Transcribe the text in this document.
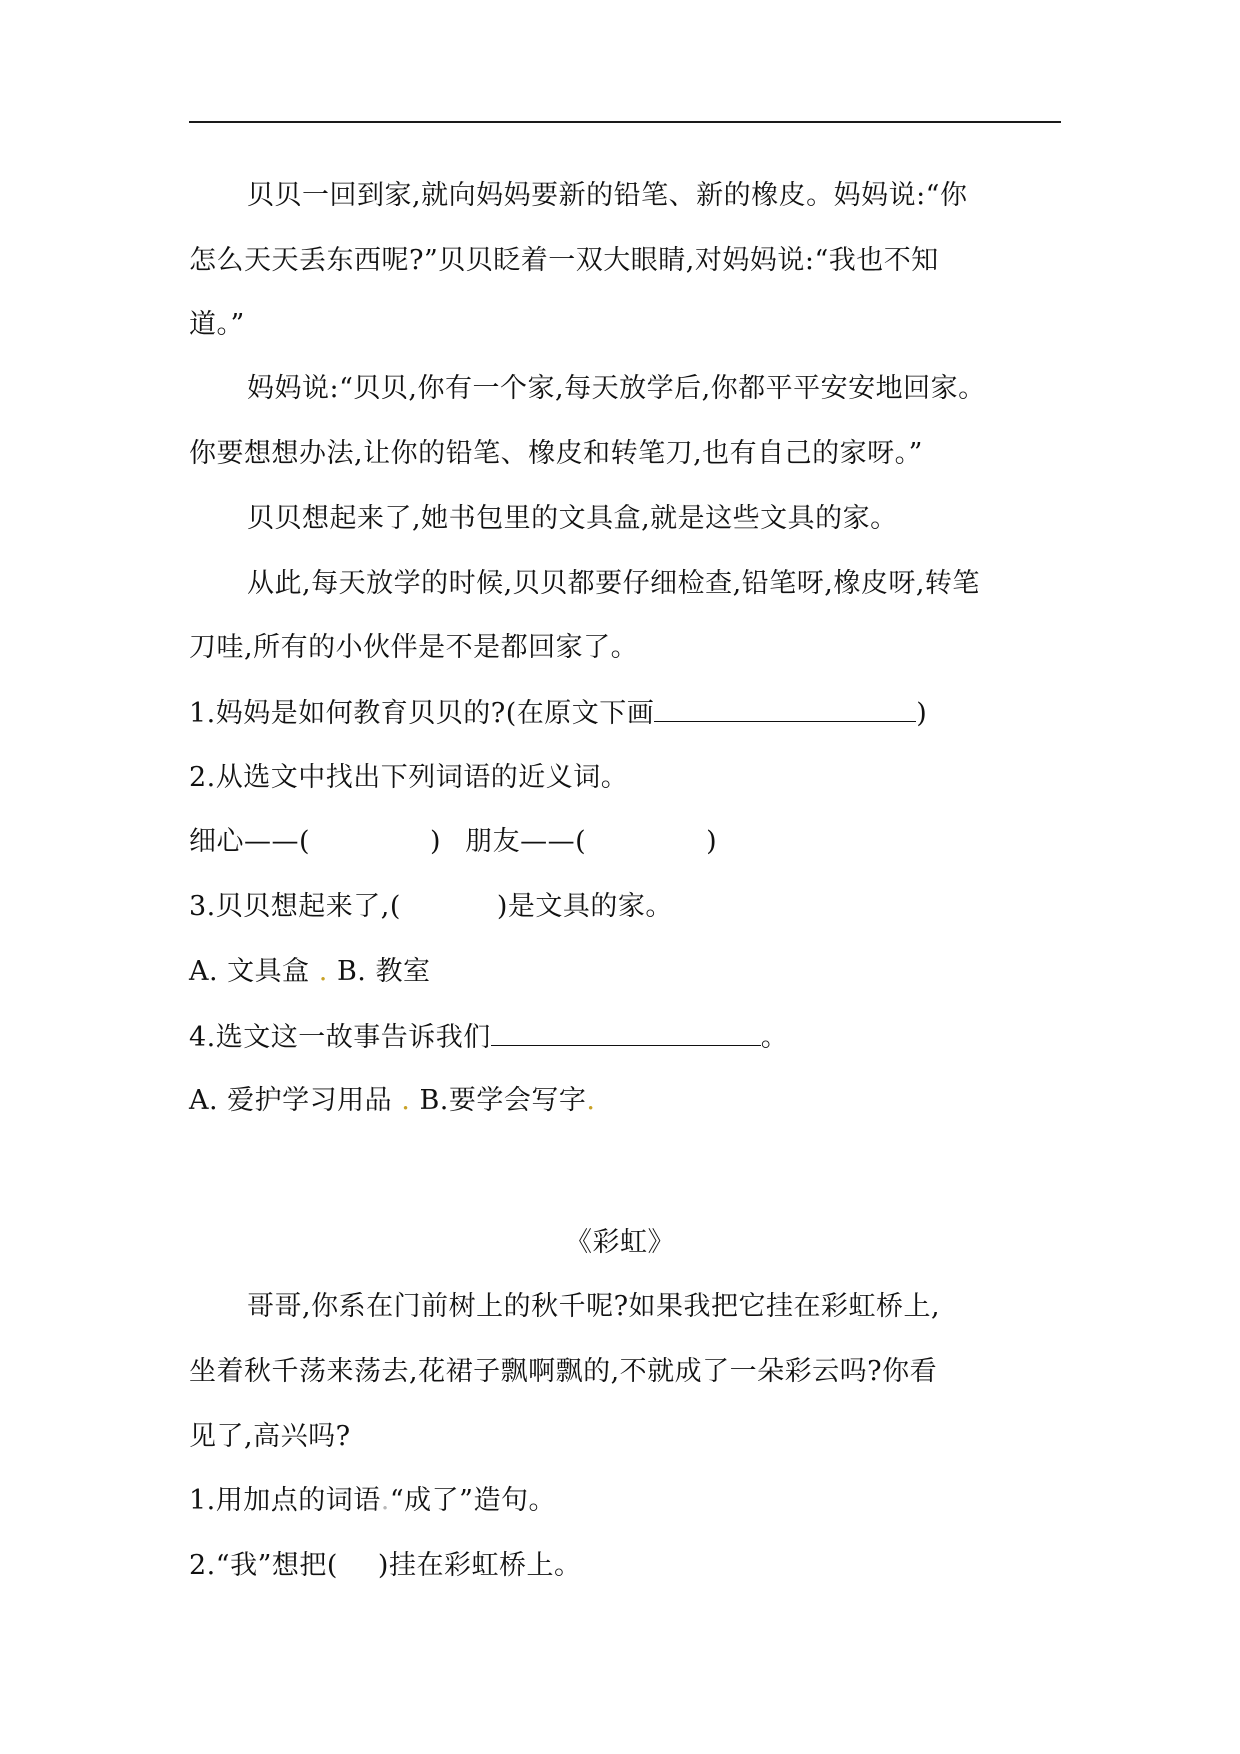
贝贝一回到家,就向妈妈要新的铅笔、新的橡皮。妈妈说:“你
怎么天天丢东西呢?”贝贝眨着一双大眼睛,对妈妈说:“我也不知
道。”
妈妈说:“贝贝,你有一个家,每天放学后,你都平平安安地回家。
你要想想办法,让你的铅笔、橡皮和转笔刀,也有自己的家呀。”
贝贝想起来了,她书包里的文具盒,就是这些文具的家。
从此,每天放学的时候,贝贝都要仔细检查,铅笔呀,橡皮呀,转笔
刀哇,所有的小伙伴是不是都回家了。
1.妈妈是如何教育贝贝的?(在原文下画	)
2.从选文中找出下列词语的近义词。
细心——(	) 朋友——(	)
3.贝贝想起来了,(	)是文具的家。
A. 文具盒 . B. 教室
4.选文这一故事告诉我们	。
A. 爱护学习用品 . B.要学会写字.
《彩虹》
哥哥,你系在门前树上的秋千呢?如果我把它挂在彩虹桥上,
坐着秋千荡来荡去,花裙子飘啊飘的,不就成了一朵彩云吗?你看
见了,高兴吗?
1.用加点的词语.“成了”造句。
2.“我”想把( )挂在彩虹桥上。
